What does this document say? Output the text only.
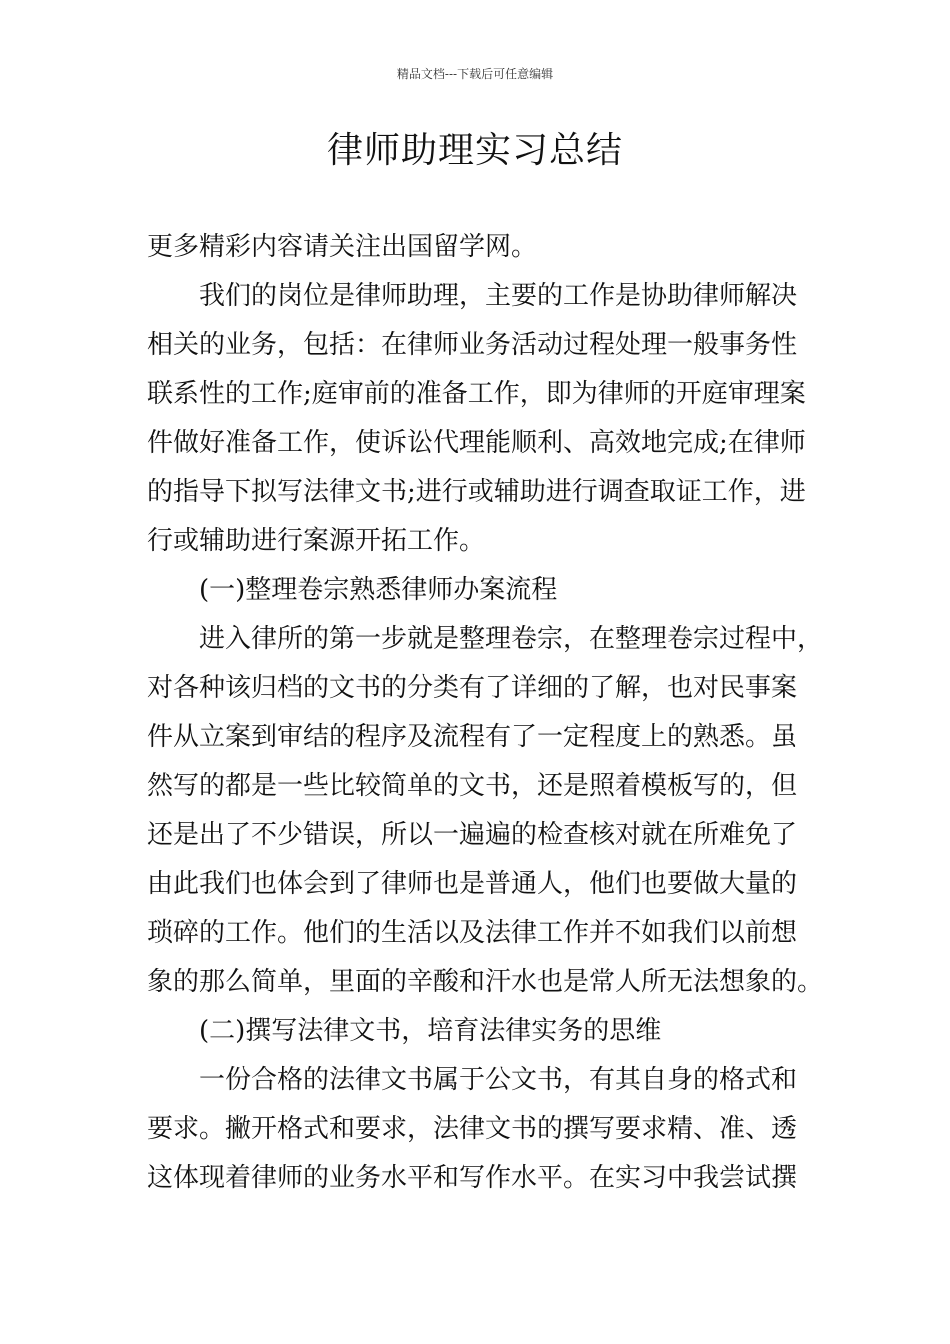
精品文档---下载后可任意编辑
律师助理实习总结
更多精彩内容请关注出国留学网。
我们的岗位是律师助理，主要的工作是协助律师解决
相关的业务，包括：在律师业务活动过程处理一般事务性
联系性的工作;庭审前的准备工作，即为律师的开庭审理案
件做好准备工作，使诉讼代理能顺利、高效地完成;在律师
的指导下拟写法律文书;进行或辅助进行调查取证工作，进
行或辅助进行案源开拓工作。
(一)整理卷宗熟悉律师办案流程
进入律所的第一步就是整理卷宗，在整理卷宗过程中，
对各种该归档的文书的分类有了详细的了解，也对民事案
件从立案到审结的程序及流程有了一定程度上的熟悉。虽
然写的都是一些比较简单的文书，还是照着模板写的，但
还是出了不少错误，所以一遍遍的检查核对就在所难免了
由此我们也体会到了律师也是普通人，他们也要做大量的
琐碎的工作。他们的生活以及法律工作并不如我们以前想
象的那么简单，里面的辛酸和汗水也是常人所无法想象的。
(二)撰写法律文书，培育法律实务的思维
一份合格的法律文书属于公文书，有其自身的格式和
要求。撇开格式和要求，法律文书的撰写要求精、准、透
这体现着律师的业务水平和写作水平。在实习中我尝试撰
